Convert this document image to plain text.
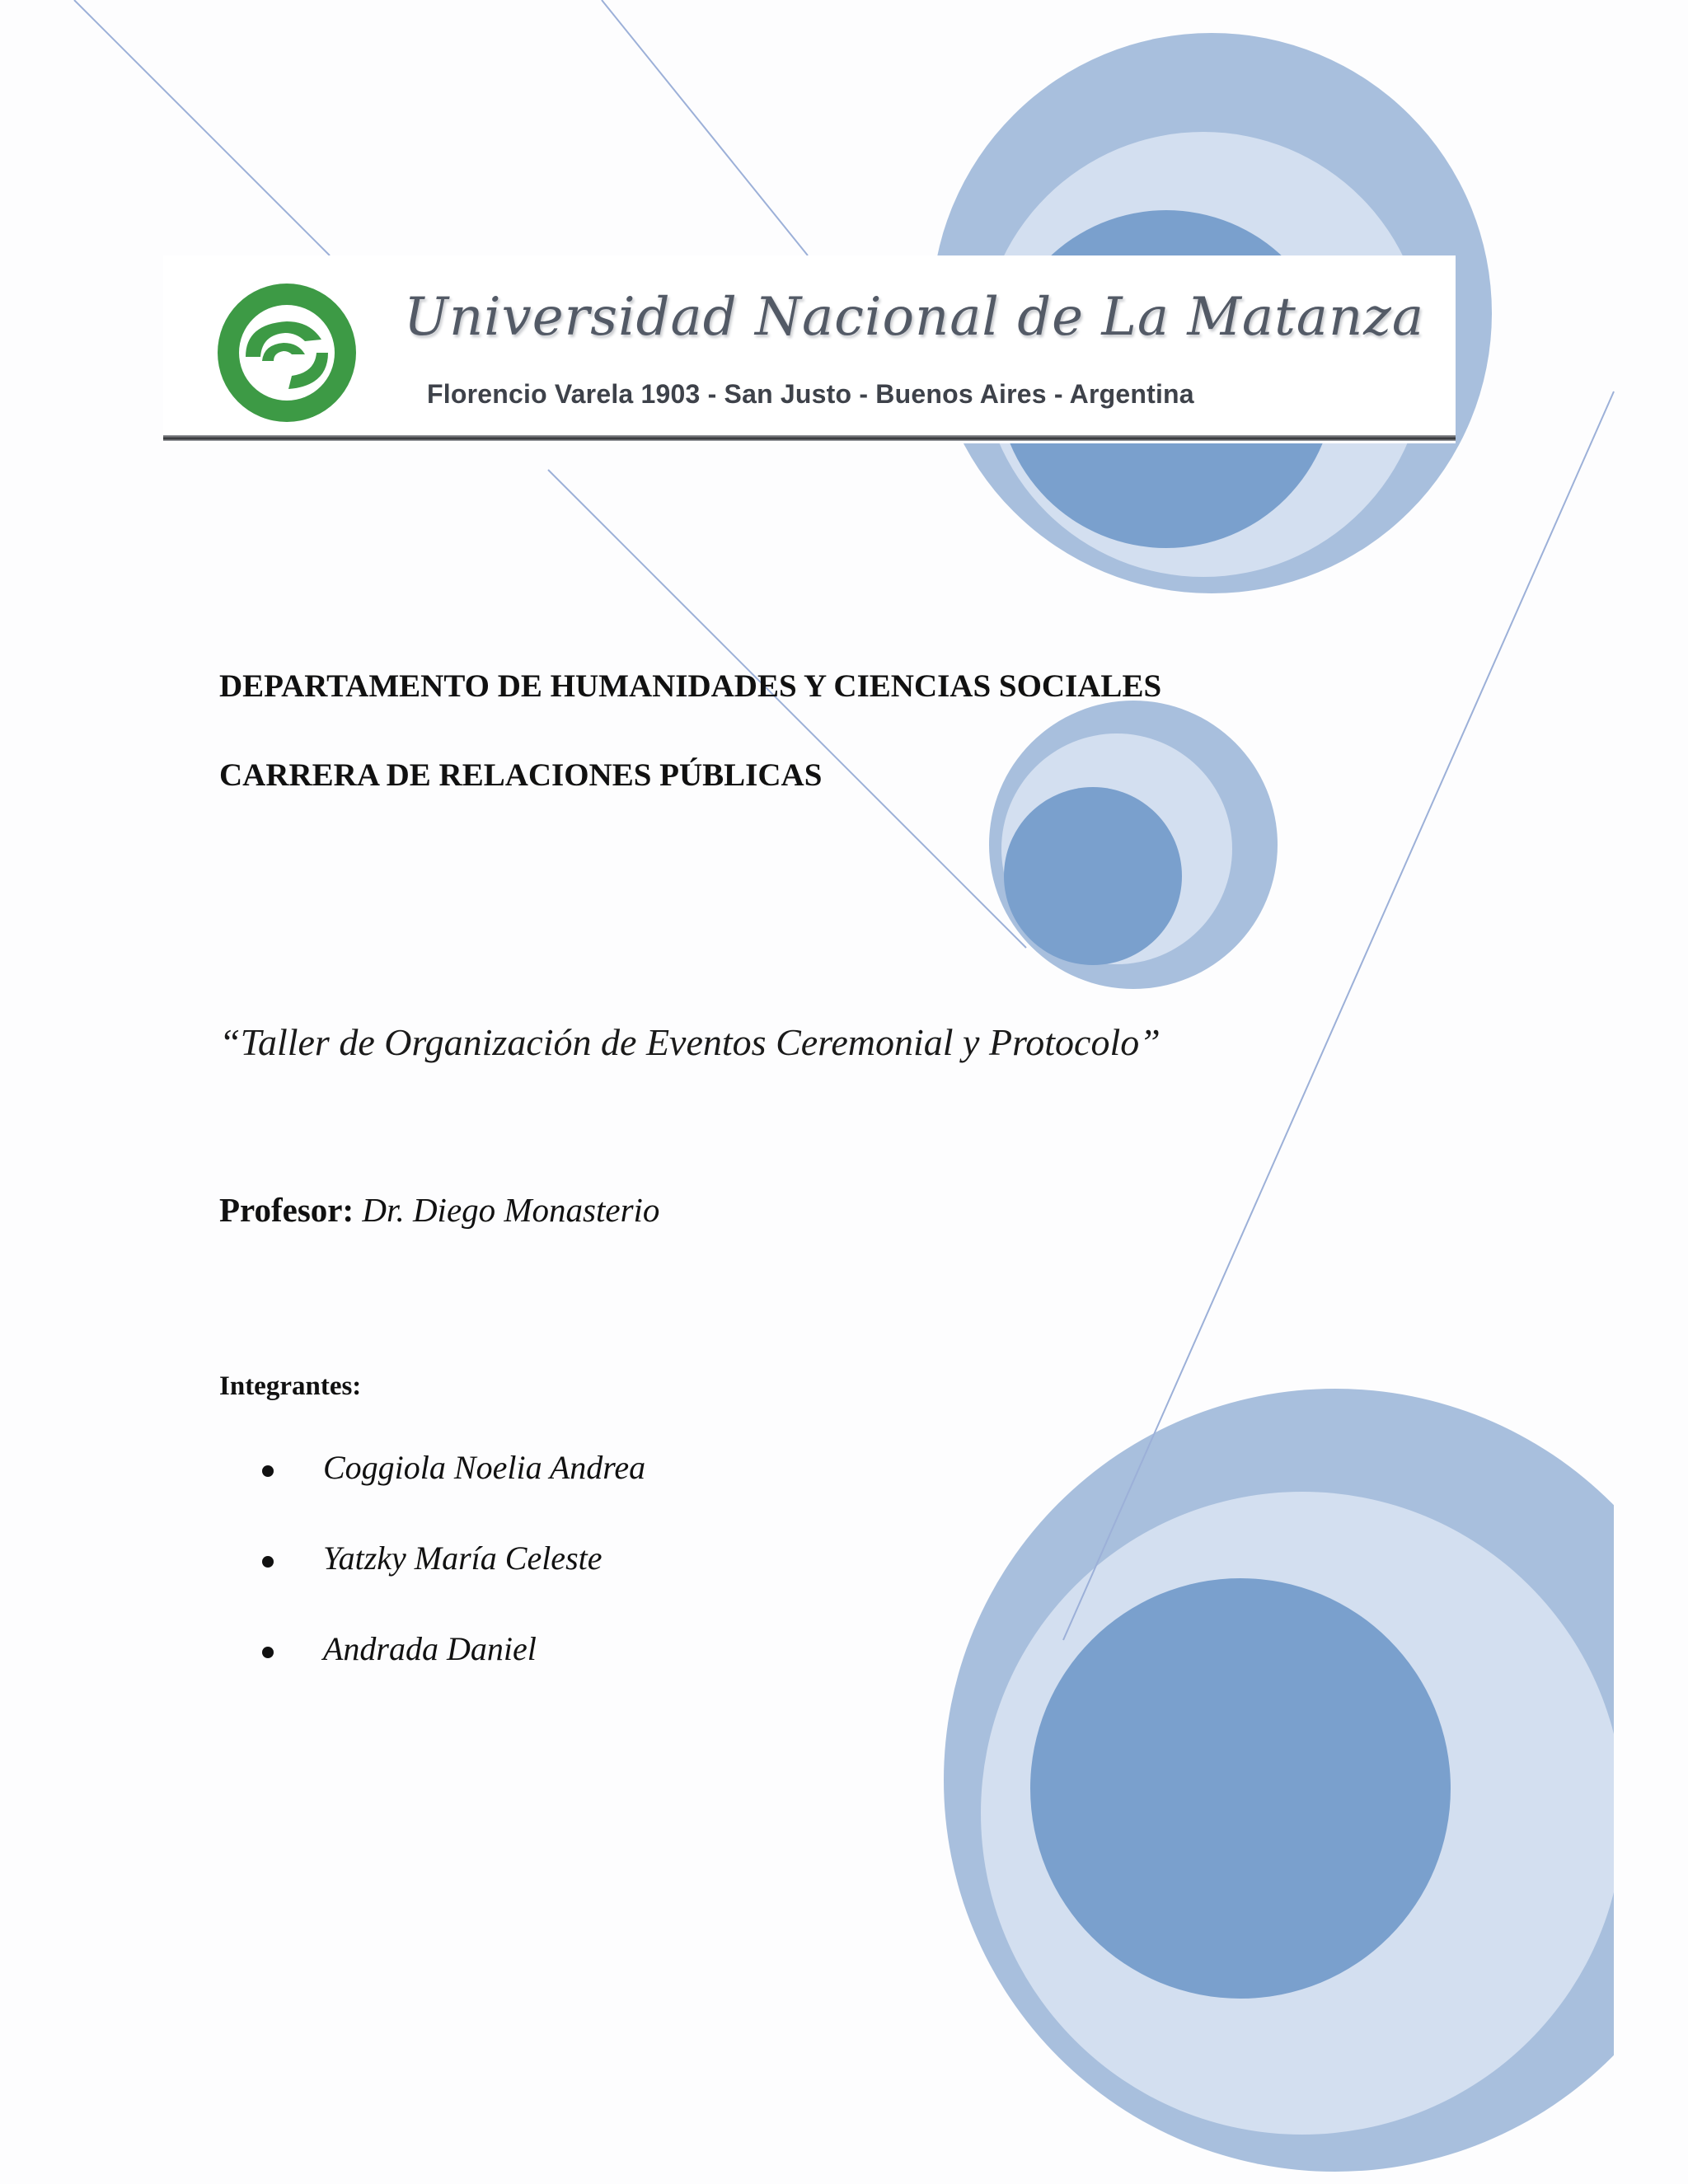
Universidad Nacional de La Matanza
Florencio Varela 1903 - San Justo - Buenos Aires - Argentina
DEPARTAMENTO DE HUMANIDADES Y CIENCIAS SOCIALES
CARRERA DE RELACIONES PÚBLICAS
“Taller de Organización de Eventos Ceremonial y Protocolo”
Profesor: Dr. Diego Monasterio
Integrantes:
Coggiola Noelia Andrea
Yatzky María Celeste
Andrada Daniel
